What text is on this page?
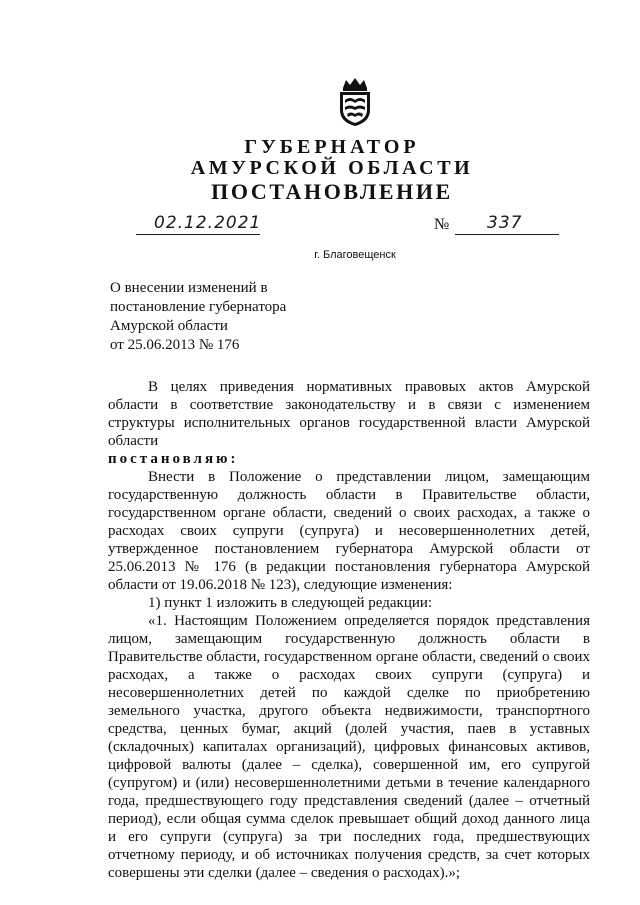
ГУБЕРНАТОР
АМУРСКОЙ ОБЛАСТИ
ПОСТАНОВЛЕНИЕ
02.12.2021	№ 337
г. Благовещенск
О внесении изменений в
постановление губернатора
Амурской области
от 25.06.2013 № 176

В целях приведения нормативных правовых актов Амурской области в соответствие законодательству и в связи с изменением структуры исполнительных органов государственной власти Амурской области

постановляю:

Внести в Положение о представлении лицом, замещающим государственную должность области в Правительстве области, государственном органе области, сведений о своих расходах, а также о расходах своих супруги (супруга) и несовершеннолетних детей, утвержденное постановлением губернатора Амурской области от 25.06.2013 № 176 (в редакции постановления губернатора Амурской области от 19.06.2018 № 123), следующие изменения:

1) пункт 1 изложить в следующей редакции:

«1. Настоящим Положением определяется порядок представления лицом, замещающим государственную должность области в Правительстве области, государственном органе области, сведений о своих расходах, а также о расходах своих супруги (супруга) и несовершеннолетних детей по каждой сделке по приобретению земельного участка, другого объекта недвижимости, транспортного средства, ценных бумаг, акций (долей участия, паев в уставных (складочных) капиталах организаций), цифровых финансовых активов, цифровой валюты (далее – сделка), совершенной им, его супругой (супругом) и (или) несовершеннолетними детьми в течение календарного года, предшествующего году представления сведений (далее – отчетный период), если общая сумма сделок превышает общий доход данного лица и его супруги (супруга) за три последних года, предшествующих отчетному периоду, и об источниках получения средств, за счет которых совершены эти сделки (далее – сведения о расходах).»;
